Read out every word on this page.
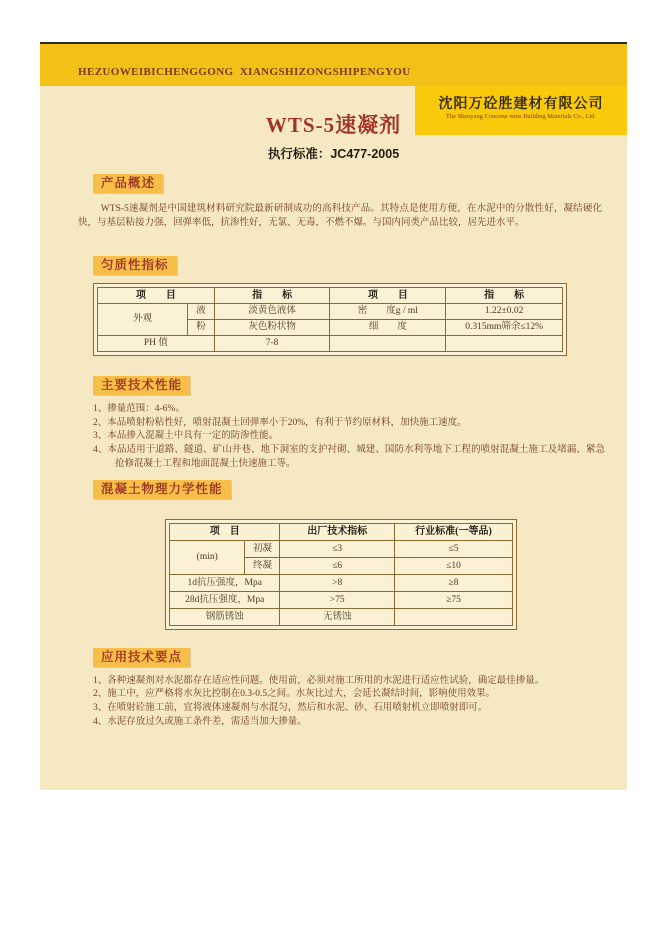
HEZUOWEIBICHENGGONG  XIANGSHIZONGSHIPENGYOU
沈阳万砼胜建材有限公司
The Shenyang Concrete wins Building Materials Co., Ltd.
WTS-5速凝剂
执行标准：JC477-2005
产品概述

WTS-5速凝剂是中国建筑材料研究院最新研制成功的高科技产品。其特点是使用方便，在水泥中的分散性好，凝结硬化快，与基层粘接力强，回弹率低，抗渗性好，无氯、无毒，不燃不爆。与国内同类产品比较，居先进水平。

匀质性指标
项　　目		指　　标	项　　目	指　　标
外观	液	淡黄色液体	密　　度g / ml	1.22±0.02
	粉	灰色粉状物	细　　度	0.315mm筛余≤12%
PH 值		7-8		
主要技术性能
1、掺量范围：4-6%。
2、本品喷射粉粘性好，喷射混凝土回弹率小于20%，有利于节约原材料，加快施工速度。
3、本品掺入混凝土中具有一定的防渗性能。
4、本品适用于道路、隧道、矿山井巷、地下洞室的支护衬砌、城建、国防水利等地下工程的喷射混凝土施工及堵漏、紧急抢修混凝土工程和地面混凝土快速施工等。
混凝土物理力学性能
项　目		出厂技术指标	行业标准(一等品)
(min)	初凝	≤3	≤5
	终凝	≤6	≤10
1d抗压强度，Mpa		>8	≥8
28d抗压强度，Mpa		>75	≥75
钢筋锈蚀		无锈蚀	
应用技术要点
1、各种速凝剂对水泥都存在适应性问题。使用前，必须对施工所用的水泥进行适应性试验，确定最佳掺量。
2、施工中，应严格将水灰比控制在0.3-0.5之间。水灰比过大，会延长凝结时间，影响使用效果。
3、在喷射砼施工前，宜将液体速凝剂与水混匀，然后和水泥、砂、石用喷射机立即喷射即可。
4、水泥存放过久或施工条件差，需适当加大掺量。
